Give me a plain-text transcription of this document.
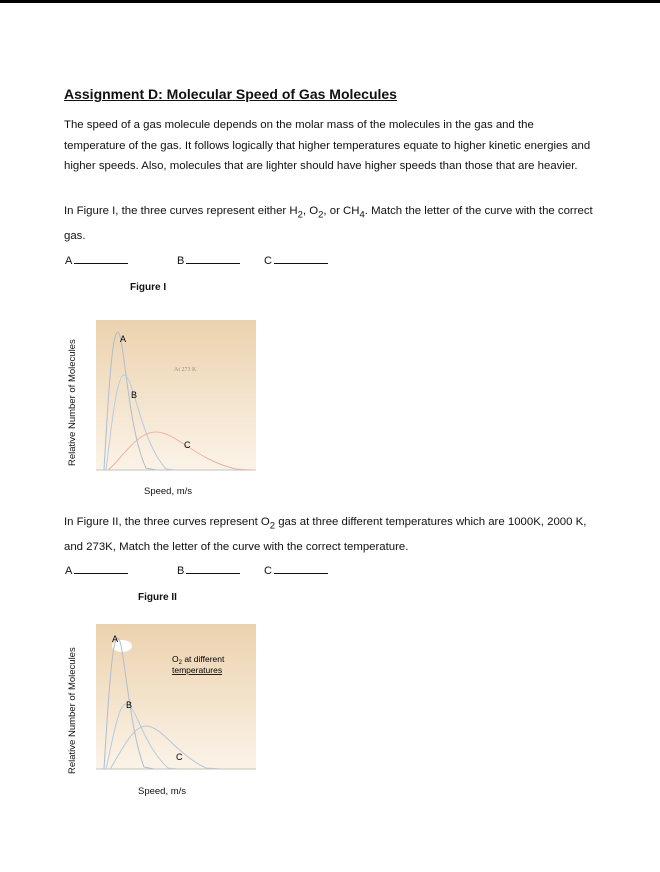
Assignment D: Molecular Speed of Gas Molecules
The speed of a gas molecule depends on the molar mass of the molecules in the gas and the temperature of the gas. It follows logically that higher temperatures equate to higher kinetic energies and higher speeds. Also, molecules that are lighter should have higher speeds than those that are heavier.
In Figure I, the three curves represent either $H_2$, $O_2$, or $CH_4$. Match the letter of the curve with the correct gas.
A	B	C
Figure I
Relative Number of Molecules
Speed, m/s
A
B
C
At 273 K
In Figure II, the three curves represent $O_2$ gas at three different temperatures which are 1000K, 2000 K, and 273K, Match the letter of the curve with the correct temperature.
A	B	C
Figure II
Relative Number of Molecules
Speed, m/s
A
B
C
$O_2$ at different
temperatures
